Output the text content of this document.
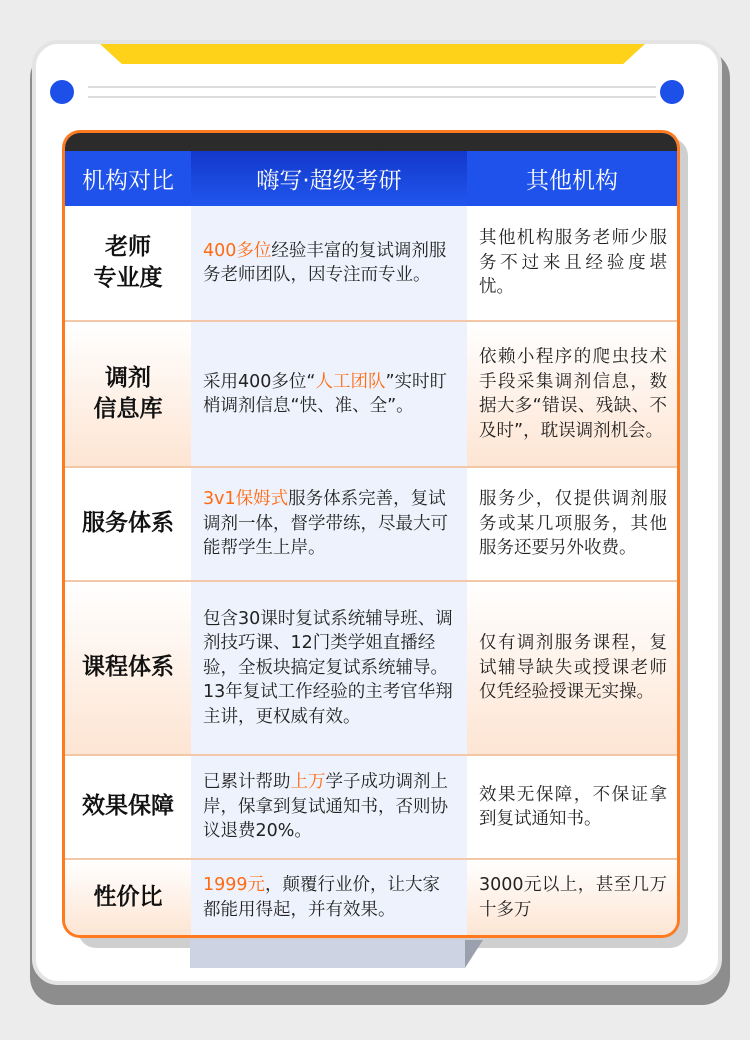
机构对比	嗨写·超级考研	其他机构
老师
专业度
400多位经验丰富的复试调剂服务老师团队，因专注而专业。
其他机构服务老师少服务不过来且经验度堪忧。
调剂
信息库
采用400多位“人工团队”实时盯梢调剂信息“快、准、全”。
依赖小程序的爬虫技术手段采集调剂信息，数据大多“错误、残缺、不及时”，耽误调剂机会。
服务体系
3v1保姆式服务体系完善，复试调剂一体，督学带练，尽最大可能帮学生上岸。
服务少，仅提供调剂服务或某几项服务，其他服务还要另外收费。
课程体系
包含30课时复试系统辅导班、调剂技巧课、12门类学姐直播经验，全板块搞定复试系统辅导。13年复试工作经验的主考官华翔主讲，更权威有效。
仅有调剂服务课程，复试辅导缺失或授课老师仅凭经验授课无实操。
效果保障
已累计帮助上万学子成功调剂上岸，保拿到复试通知书，否则协议退费20%。
效果无保障，不保证拿到复试通知书。
性价比 1999元，颠覆行业价，让大家都能用得起，并有效果。
3000元以上，甚至几万十多万
